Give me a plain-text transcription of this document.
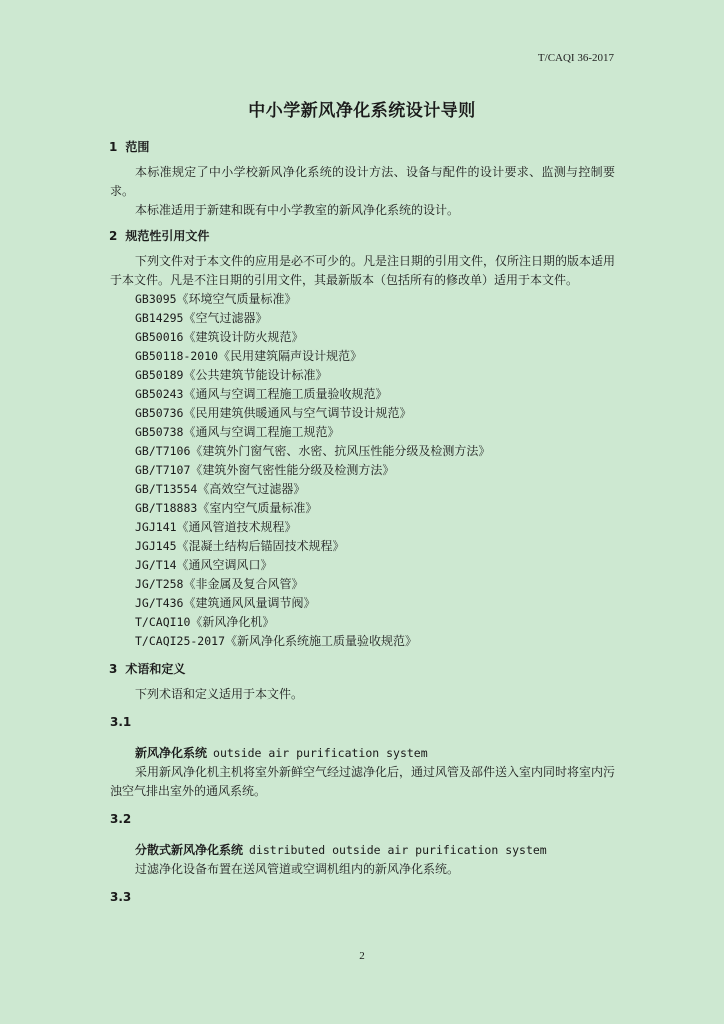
T/CAQI 36-2017
中小学新风净化系统设计导则
1 范围
本标准规定了中小学校新风净化系统的设计方法、设备与配件的设计要求、监测与控制要求。
本标准适用于新建和既有中小学教室的新风净化系统的设计。
2 规范性引用文件
下列文件对于本文件的应用是必不可少的。凡是注日期的引用文件，仅所注日期的版本适用于本文件。凡是不注日期的引用文件，其最新版本（包括所有的修改单）适用于本文件。
GB3095《环境空气质量标准》
GB14295《空气过滤器》
GB50016《建筑设计防火规范》
GB50118-2010《民用建筑隔声设计规范》
GB50189《公共建筑节能设计标准》
GB50243《通风与空调工程施工质量验收规范》
GB50736《民用建筑供暖通风与空气调节设计规范》
GB50738《通风与空调工程施工规范》
GB/T7106《建筑外门窗气密、水密、抗风压性能分级及检测方法》
GB/T7107《建筑外窗气密性能分级及检测方法》
GB/T13554《高效空气过滤器》
GB/T18883《室内空气质量标准》
JGJ141《通风管道技术规程》
JGJ145《混凝土结构后锚固技术规程》
JG/T14《通风空调风口》
JG/T258《非金属及复合风管》
JG/T436《建筑通风风量调节阀》
T/CAQI10《新风净化机》
T/CAQI25-2017《新风净化系统施工质量验收规范》
3 术语和定义
下列术语和定义适用于本文件。
3.1
新风净化系统 outside air purification system
采用新风净化机主机将室外新鲜空气经过滤净化后，通过风管及部件送入室内同时将室内污浊空气排出室外的通风系统。
3.2
分散式新风净化系统 distributed outside air purification system
过滤净化设备布置在送风管道或空调机组内的新风净化系统。
3.3
2
